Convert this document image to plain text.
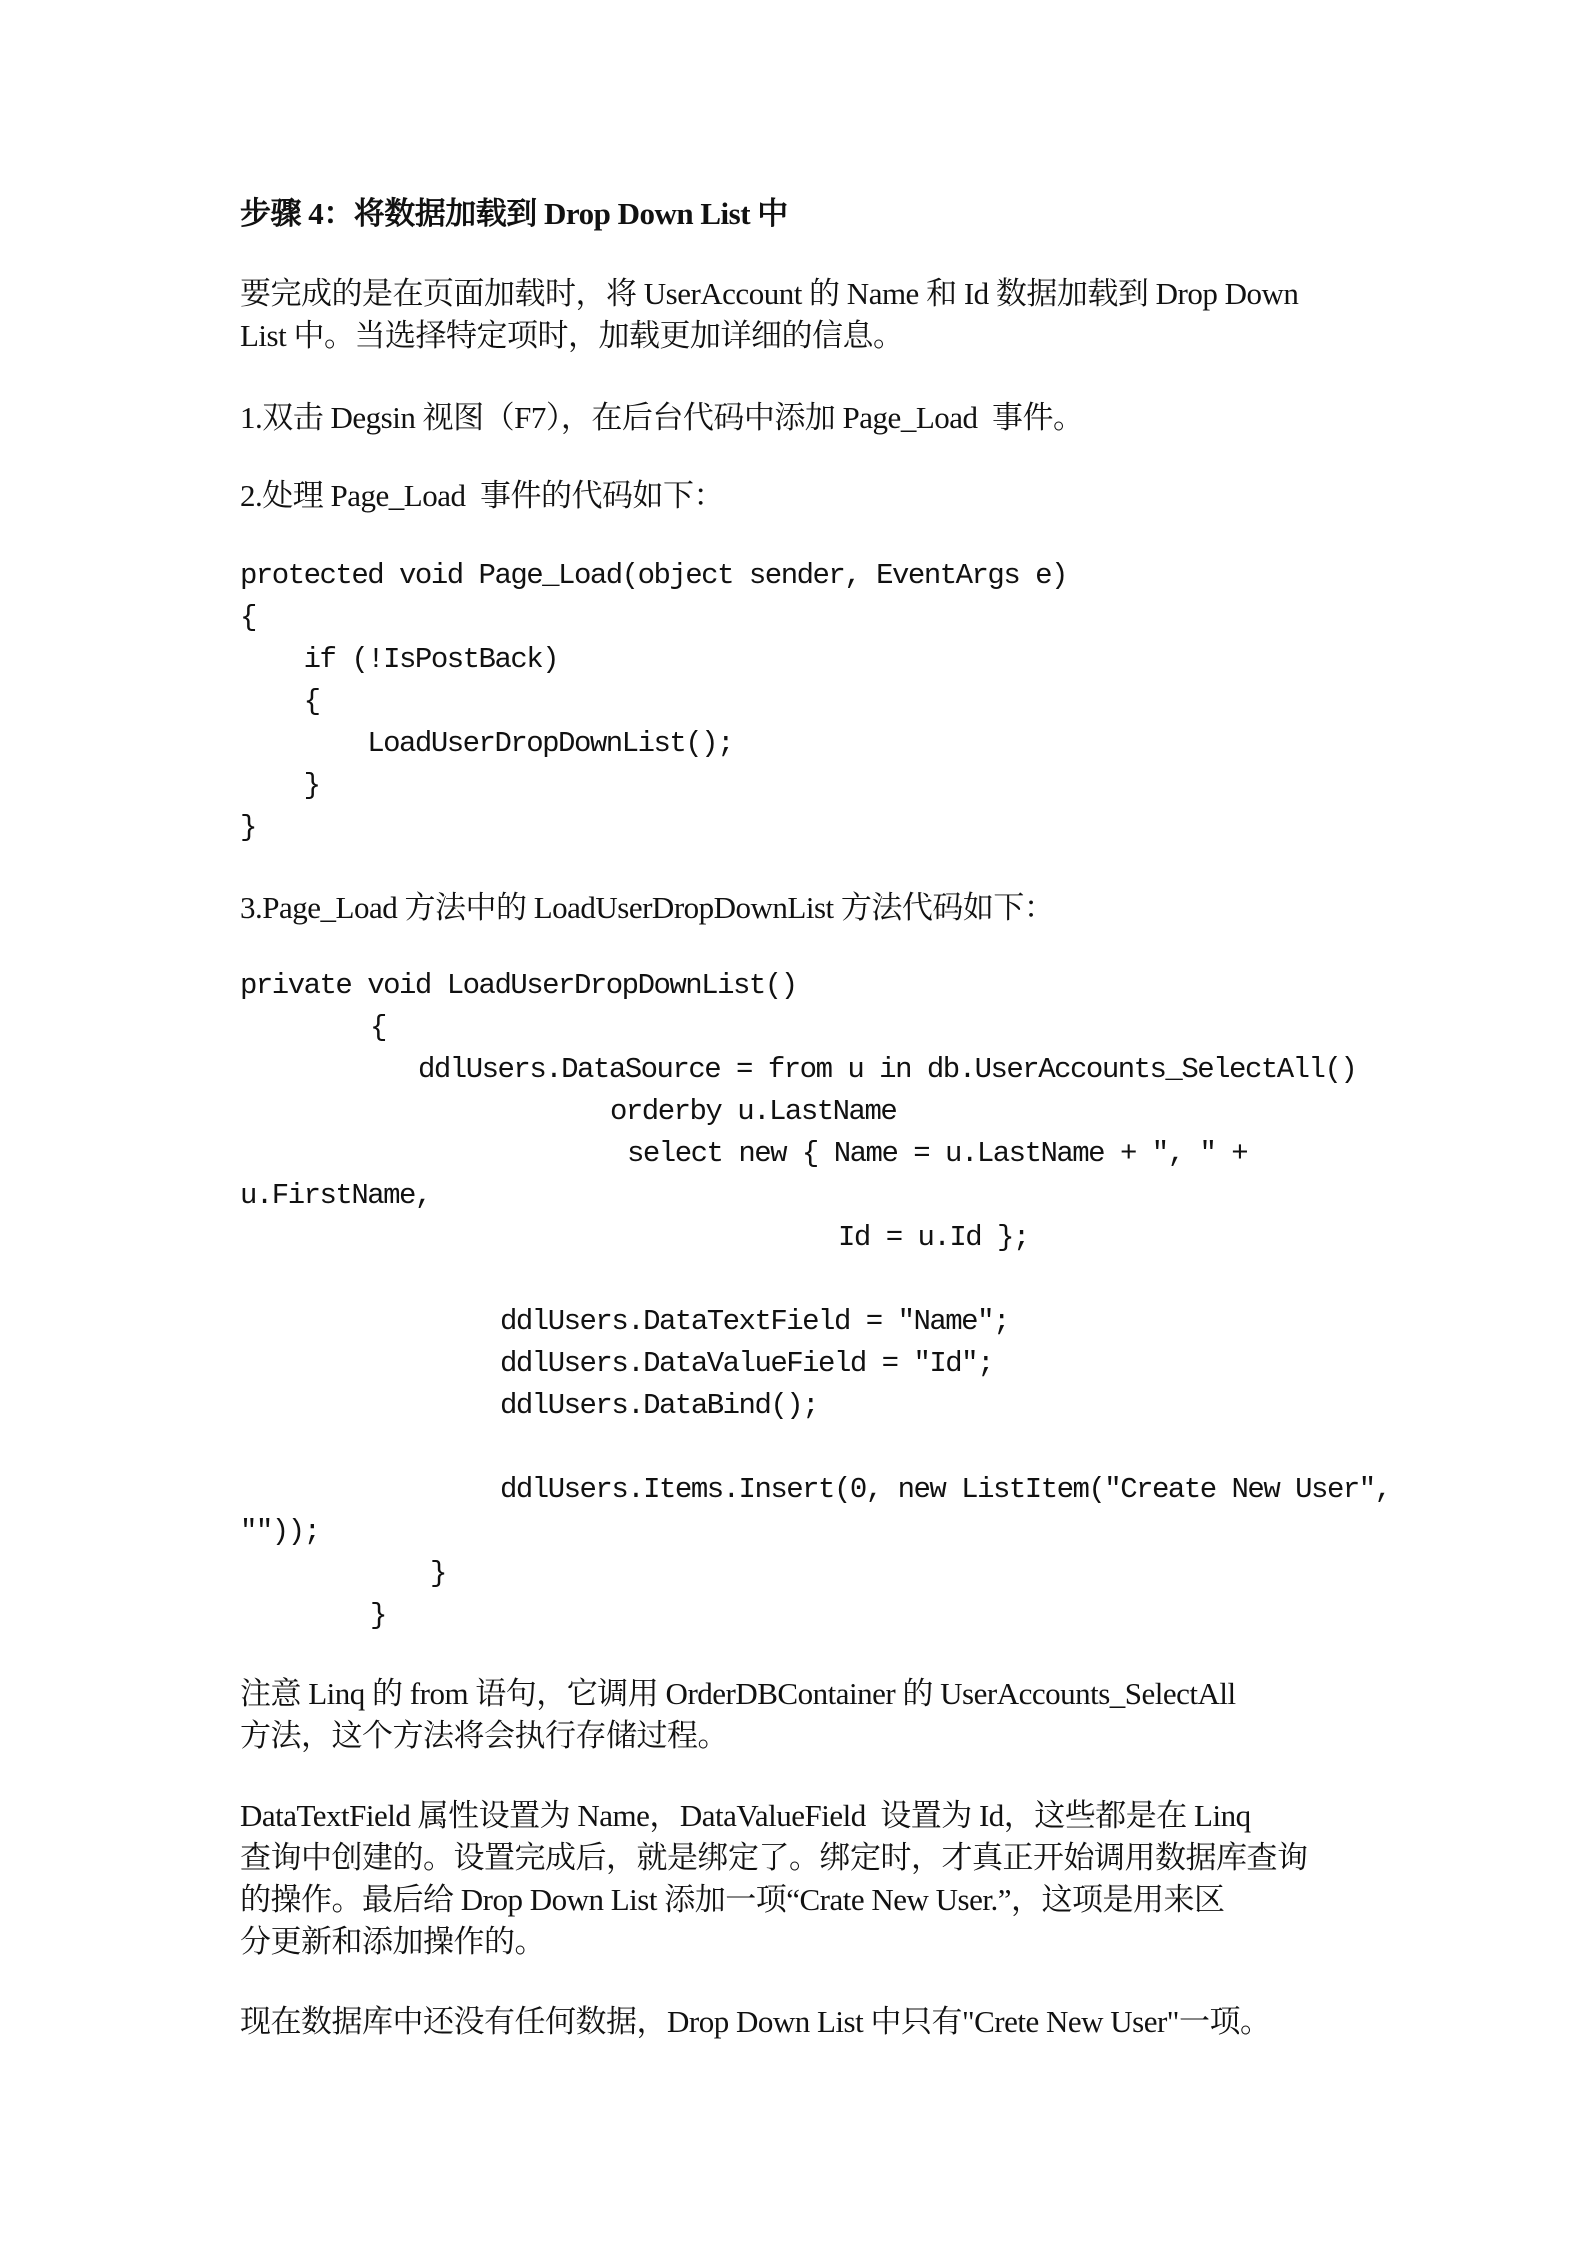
步骤 4：将数据加载到 Drop Down List 中
要完成的是在页面加载时，将 UserAccount 的 Name 和 Id 数据加载到 Drop Down
List 中。当选择特定项时，加载更加详细的信息。
1.双击 Degsin 视图（F7），在后台代码中添加 Page_Load  事件。
2.处理 Page_Load  事件的代码如下：
protected void Page_Load(object sender, EventArgs e)
{
if (!IsPostBack)
{
LoadUserDropDownList();
}
}
3.Page_Load 方法中的 LoadUserDropDownList 方法代码如下：
private void LoadUserDropDownList()
{
ddlUsers.DataSource = from u in db.UserAccounts_SelectAll()
orderby u.LastName
select new { Name = u.LastName + ", " +
u.FirstName,
Id = u.Id };
ddlUsers.DataTextField = "Name";
ddlUsers.DataValueField = "Id";
ddlUsers.DataBind();
ddlUsers.Items.Insert(0, new ListItem("Create New User",
""));
}
}
注意 Linq 的 from 语句，它调用 OrderDBContainer 的 UserAccounts_SelectAll
方法，这个方法将会执行存储过程。
DataTextField 属性设置为 Name，DataValueField  设置为 Id，这些都是在 Linq
查询中创建的。设置完成后，就是绑定了。绑定时，才真正开始调用数据库查询
的操作。最后给 Drop Down List 添加一项“Crate New User.”，这项是用来区
分更新和添加操作的。
现在数据库中还没有任何数据，Drop Down List 中只有"Crete New User"一项。
